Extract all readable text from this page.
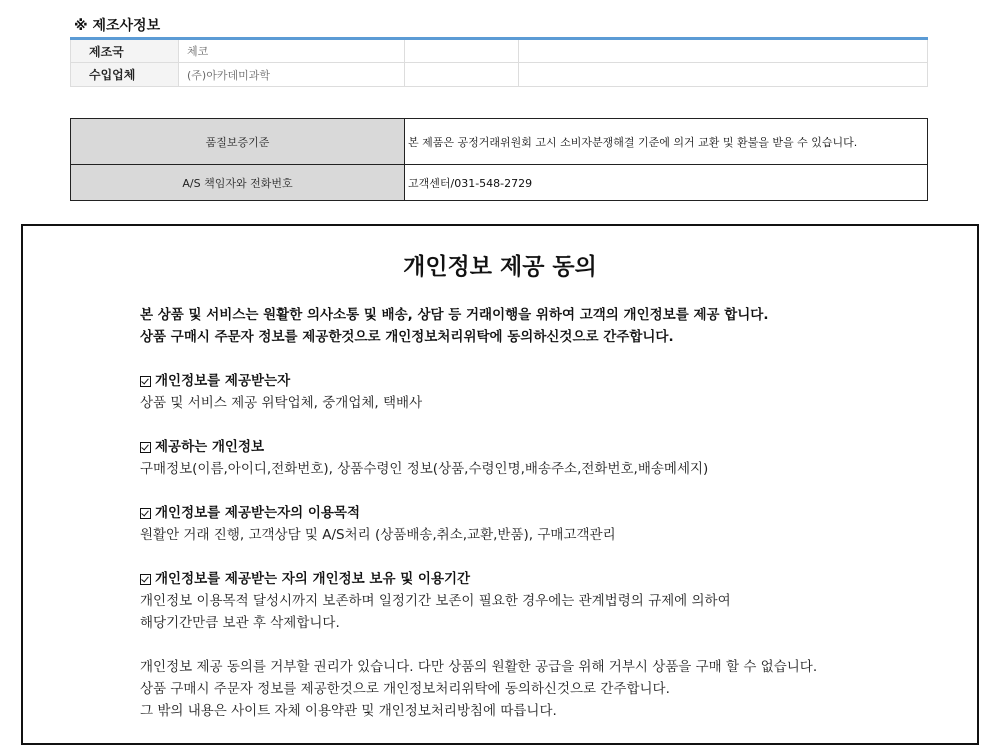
※ 제조사정보
제조국	체코		
수입업체	(주)아카데미과학		
품질보증기준	본 제품은 공정거래위원회 고시 소비자분쟁해결 기준에 의거 교환 및 환불을 받을 수 있습니다.
A/S 책임자와 전화번호	고객센터/031-548-2729
개인정보 제공 동의

본 상품 및 서비스는 원활한 의사소통 및 배송, 상담 등 거래이행을 위하여 고객의 개인정보를 제공 합니다.

상품 구매시 주문자 정보를 제공한것으로 개인정보처리위탁에 동의하신것으로 간주합니다.

개인정보를 제공받는자
상품 및 서비스 제공 위탁업체, 중개업체, 택배사
제공하는 개인정보
구매정보(이름,아이디,전화번호), 상품수령인 정보(상품,수령인명,배송주소,전화번호,배송메세지)
개인정보를 제공받는자의 이용목적
원활안 거래 진행, 고객상담 및 A/S처리 (상품배송,취소,교환,반품), 구매고객관리
개인정보를 제공받는 자의 개인정보 보유 및 이용기간
개인정보 이용목적 달성시까지 보존하며 일정기간 보존이 필요한 경우에는 관계법령의 규제에 의하여
해당기간만큼 보관 후 삭제합니다.
개인정보 제공 동의를 거부할 권리가 있습니다. 다만 상품의 원활한 공급을 위해 거부시 상품을 구매 할 수 없습니다.
상품 구매시 주문자 정보를 제공한것으로 개인정보처리위탁에 동의하신것으로 간주합니다.
그 밖의 내용은 사이트 자체 이용약관 및 개인정보처리방침에 따릅니다.
